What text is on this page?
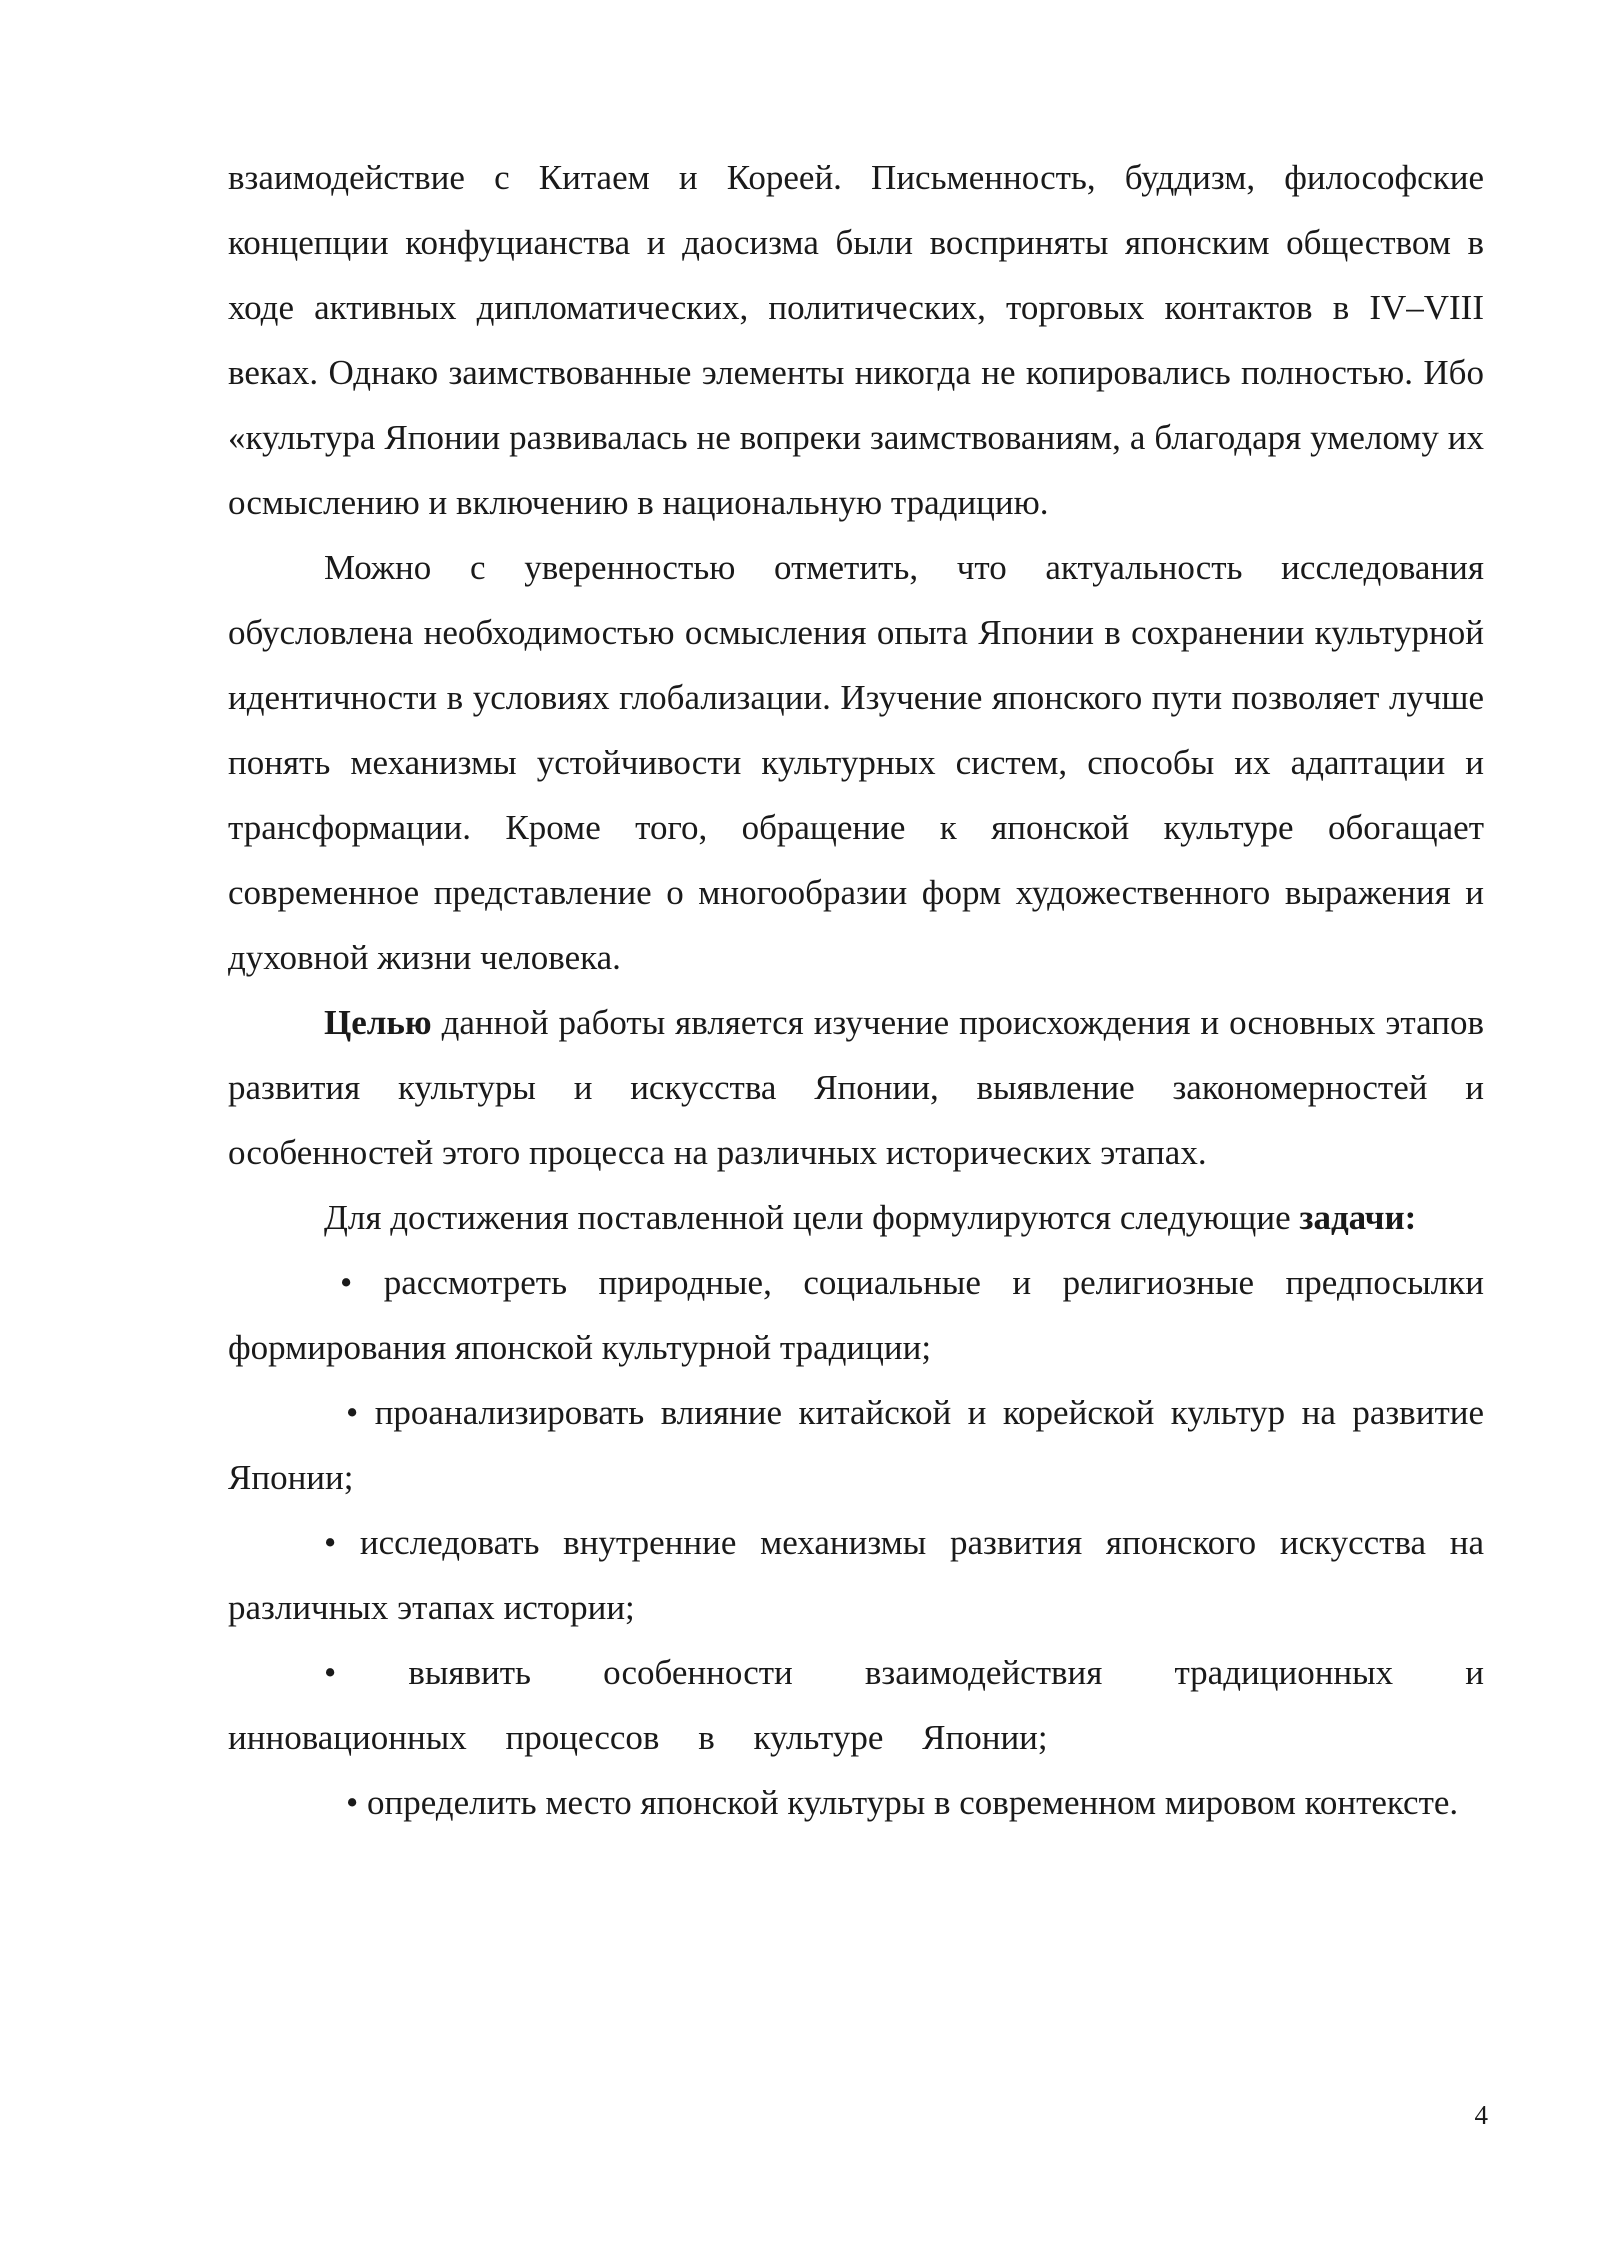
взаимодействие с Китаем и Кореей. Письменность, буддизм, философские концепции конфуцианства и даосизма были восприняты японским обществом в ходе активных дипломатических, политических, торговых контактов в IV–VIII веках. Однако заимствованные элементы никогда не копировались полностью. Ибо «культура Японии развивалась не вопреки заимствованиям, а благодаря умелому их осмыслению и включению в национальную традицию.

Можно с уверенностью отметить, что актуальность исследования обусловлена необходимостью осмысления опыта Японии в сохранении культурной идентичности в условиях глобализации. Изучение японского пути позволяет лучше понять механизмы устойчивости культурных систем, способы их адаптации и трансформации. Кроме того, обращение к японской культуре обогащает современное представление о многообразии форм художественного выражения и духовной жизни человека.

Целью данной работы является изучение происхождения и основных этапов развития культуры и искусства Японии, выявление закономерностей и особенностей этого процесса на различных исторических этапах.

Для достижения поставленной цели формулируются следующие задачи:

• рассмотреть природные, социальные и религиозные предпосылки формирования японской культурной традиции;

• проанализировать влияние китайской и корейской культур на развитие Японии;

• исследовать внутренние механизмы развития японского искусства на различных этапах истории;

• выявить особенности взаимодействия традиционных и инновационных процессов в культуре Японии;

• определить место японской культуры в современном мировом контексте.

4
